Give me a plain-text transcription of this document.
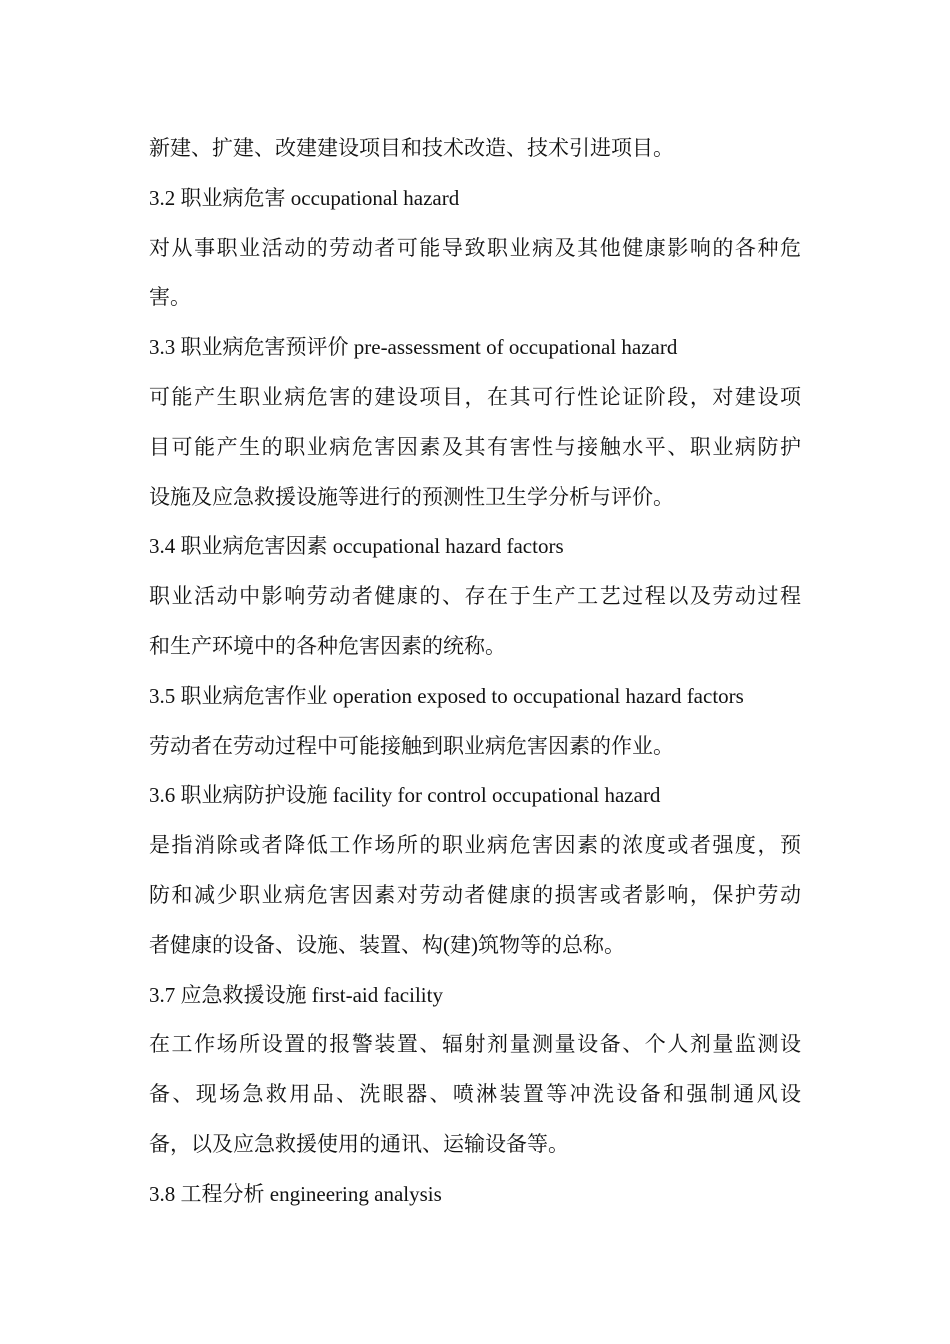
新建、扩建、改建建设项目和技术改造、技术引进项目。

3.2 职业病危害 occupational hazard

对从事职业活动的劳动者可能导致职业病及其他健康影响的各种危

害。

3.3 职业病危害预评价 pre-assessment of occupational hazard

可能产生职业病危害的建设项目，在其可行性论证阶段，对建设项

目可能产生的职业病危害因素及其有害性与接触水平、职业病防护

设施及应急救援设施等进行的预测性卫生学分析与评价。

3.4 职业病危害因素 occupational hazard factors

职业活动中影响劳动者健康的、存在于生产工艺过程以及劳动过程

和生产环境中的各种危害因素的统称。

3.5 职业病危害作业 operation exposed to occupational hazard factors

劳动者在劳动过程中可能接触到职业病危害因素的作业。

3.6 职业病防护设施 facility for control occupational hazard

是指消除或者降低工作场所的职业病危害因素的浓度或者强度，预

防和减少职业病危害因素对劳动者健康的损害或者影响，保护劳动

者健康的设备、设施、装置、构(建)筑物等的总称。

3.7 应急救援设施 first-aid facility

在工作场所设置的报警装置、辐射剂量测量设备、个人剂量监测设

备、现场急救用品、洗眼器、喷淋装置等冲洗设备和强制通风设

备，以及应急救援使用的通讯、运输设备等。

3.8 工程分析 engineering analysis
